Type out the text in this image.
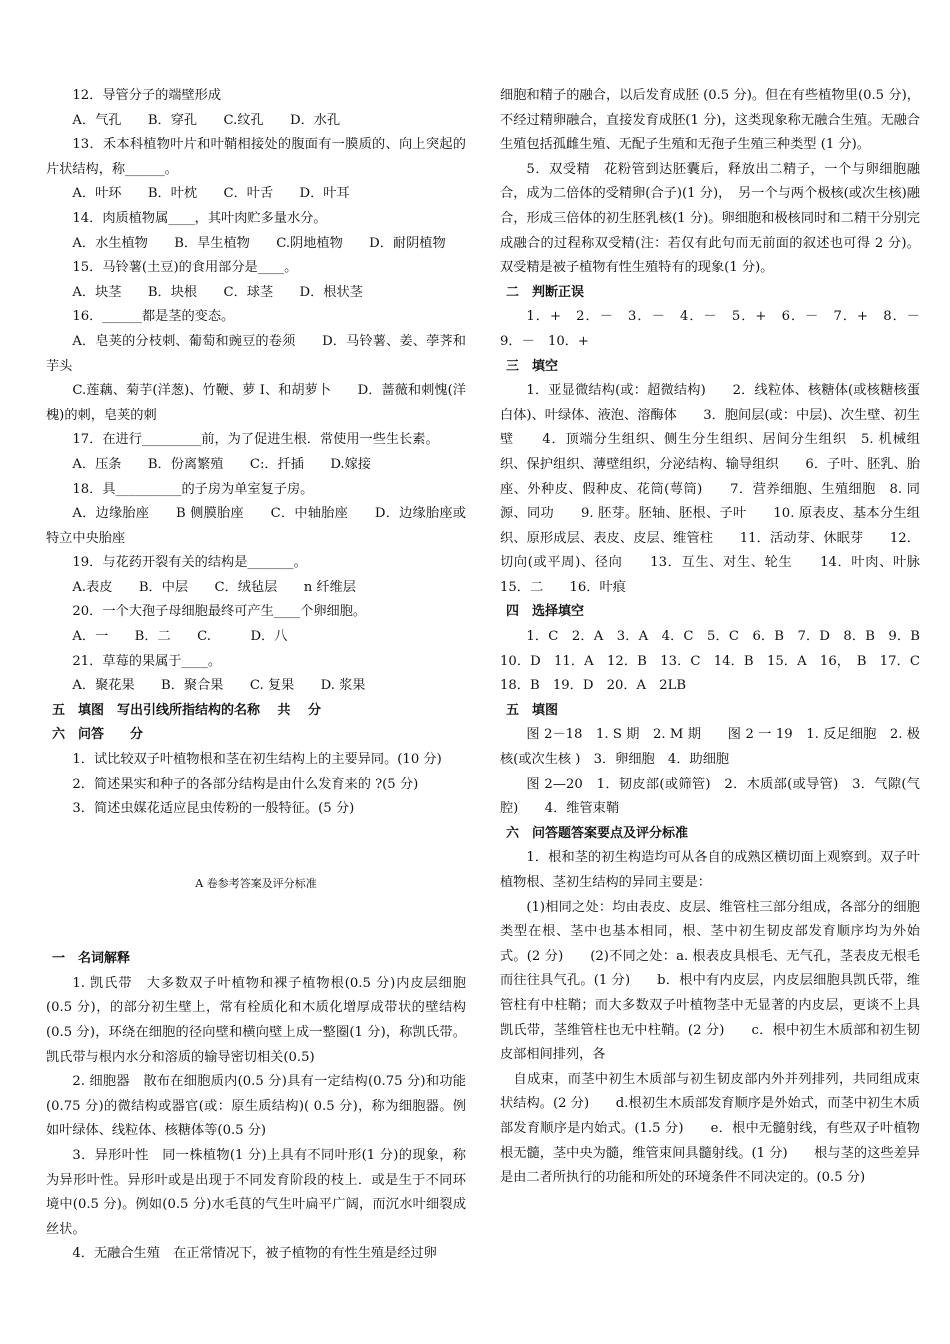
12．导管分子的端壁形成

A．气孔　　B．穿孔　　C.纹孔　　D．水孔

13．禾本科植物叶片和叶鞘相接处的腹面有一膜质的、向上突起的片状结构，称______。

A．叶环　　B．叶枕　　C．叶舌　　D．叶耳

14．肉质植物属____，其叶肉贮多量水分。

A．水生植物　　B．旱生植物　　C.阴地植物　　D．耐阴植物

15．马铃薯(土豆)的食用部分是____。

A．块茎　　B．块根　　C．球茎　　D．根状茎

16．______都是茎的变态。

A．皂荚的分枝刺、葡萄和豌豆的卷须　　D．马铃薯、姜、荸荠和芋头

C.莲藕、菊芋(洋葱)、竹鞭、萝 I、和胡萝卜　　D．蔷薇和刺愧(洋槐)的刺，皂荚的刺

17．在进行_________前，为了促进生根．常使用一些生长素。

A．压条　　B．份离繁殖　　C:．扦插　　D.嫁接

18．具__________的子房为单室复子房。

A．边缘胎座　　B 侧膜胎座　　C．中轴胎座　　D．边缘胎座或特立中央胎座

19．与花药开裂有关的结构是_______。

A.表皮　　B．中层　　C．绒毡层　　n 纤维层

20．一个大孢子母细胞最终可产生____个卵细胞。

A．一　　B．二　　C.　　　D．八

21．草莓的果属于____。

A．聚花果　　B．聚合果　　C. 复果　　D. 浆果

五　填图　写出引线所指结构的名称　 共　 分

六　问答　　分

1．试比较双子叶植物根和茎在初生结构上的主要异同。(10 分)

2．简述果实和种子的各部分结构是由什么发育来的 ?(5 分)

3．简述虫媒花适应昆虫传粉的一般特征。(5 分)

A 卷参考答案及评分标准

一　名词解释

1. 凯氏带　大多数双子叶植物和裸子植物根(0.5 分)内皮层细胞(0.5 分)，的部分初生壁上，常有栓质化和木质化增厚成带状的壁结构(0.5 分)，环绕在细胞的径向壁和横向壁上成一整圈(1 分)，称凯氏带。凯氏带与根内水分和溶质的输导密切相关(0.5)

2. 细胞器　散布在细胞质内(0.5 分)具有一定结构(0.75 分)和功能(0.75 分)的微结构或器官(或：原生质结构)( 0.5 分)，称为细胞器。例如叶绿体、线粒体、核糖体等(0.5 分)

3．异形叶性　同一株植物(1 分)上具有不同叶形(1 分)的现象，称为异形叶性。异形叶或是出现于不同发育阶段的枝上．或是生于不同环境中(0.5 分)。例如(0.5 分)水毛茛的气生叶扁平广阔，而沉水叶细裂成丝状。

4．无融合生殖　在正常情况下，被子植物的有性生殖是经过卵

细胞和精子的融合，以后发育成胚 (0.5 分)。但在有些植物里(0.5 分)，不经过精卵融合，直接发育成胚(1 分)，这类现象称无融合生殖。无融合生殖包括孤雌生殖、无配子生殖和无孢子生殖三种类型 (1 分)。

5．双受精　花粉管到达胚囊后，释放出二精子，一个与卵细胞融合，成为二倍体的受精卵(合子)(1 分)，　另一个与两个极核(或次生核)融合，形成三倍体的初生胚乳核(1 分)。卵细胞和极核同时和二精干分别完成融合的过程称双受精(注：若仅有此句而无前面的叙述也可得 2 分)。双受精是被子植物有性生殖特有的现象(1 分)。

二　判断正误

1．+　2．－　3．－　4．－　5．+　6．－　7．+　8．－　9．－　10．+

三　填空

1．亚显微结构(或：超微结构)　　2．线粒体、核糖体(或核糖核蛋白体)、叶绿体、液泡、溶酶体　　3．胞间层(或：中层)、次生壁、初生壁　　4．顶端分生组织、侧生分生组织、居间分生组织　5. 机械组织、保护组织、薄壁组织，分泌结构、输导组织　　6．子叶、胚乳、胎座、外种皮、假种皮、花筒(萼筒)　　7．营养细胞、生殖细胞　8. 同源、同功　　9. 胚芽。胚轴、胚根、子叶　　10. 原表皮、基本分生组织、原形成层、表皮、皮层、维管柱　　11．活动芽、休眠芽　　12．切向(或平周)、径向　　13．互生、对生、轮生　　14．叶肉、叶脉　　15．二　　16．叶痕

四　选择填空

1．C　2．A　3．A　4．C　5．C　6．B　7．D　8．B　9．B　10．D　11．A　12．B　13．C　14．B　15．A　16，　B　17．C　18．B　19．D　20．A　2LB

五　填图

图 2－18　1. S 期　2. M 期　　图 2 一 19　1. 反足细胞　2. 极核(或次生核 )　3．卵细胞　4．助细胞

图 2—20　1．韧皮部(或筛管)　2．木质部(或导管)　3．气隙(气腔)　　4．维管束鞘

六　问答题答案要点及评分标准

1．根和茎的初生构造均可从各自的成熟区横切面上观察到。双子叶植物根、茎初生结构的异同主要是：

(1)相同之处：均由表皮、皮层、维管柱三部分组成，各部分的细胞类型在根、茎中也基本相同，根、茎中初生韧皮部发育顺序均为外始式。(2 分)　　(2)不同之处：a. 根表皮具根毛、无气孔，茎表皮无根毛而往往具气孔。(1 分)　　b．根中有内皮层，内皮层细胞具凯氏带，维管柱有中柱鞘；而大多数双子叶植物茎中无显著的内皮层，更谈不上具凯氏带，茎维管柱也无中柱鞘。(2 分)　　c．根中初生木质部和初生韧皮部相间排列，各

　自成束，而茎中初生木质部与初生韧皮部内外并列排列，共同组成束状结构。(2 分)　　d.根初生木质部发育顺序是外始式，而茎中初生木质部发育顺序是内始式。(1.5 分)　　e．根中无髓射线，有些双子叶植物根无髓，茎中央为髓，维管束间具髓射线。(1 分)　　根与茎的这些差异是由二者所执行的功能和所处的环境条件不同决定的。(0.5 分)
